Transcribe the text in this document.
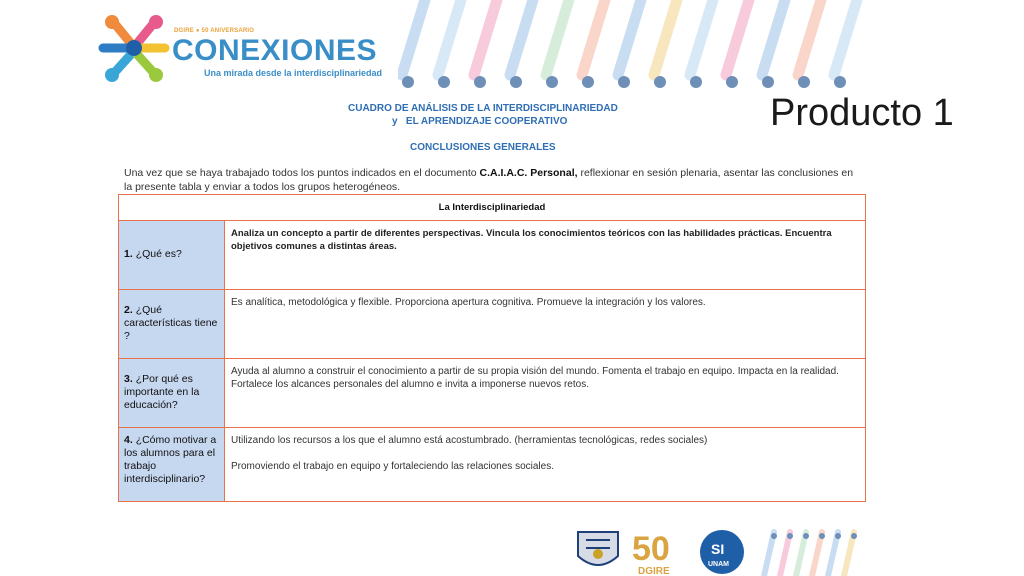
DGIRE ● 50 ANIVERSARIO
CONEXIONES
Una mirada desde la interdisciplinariedad
Producto 1
CUADRO DE ANÁLISIS DE LA INTERDISCIPLINARIEDAD
y   EL APRENDIZAJE COOPERATIVO
CONCLUSIONES GENERALES
Una vez que se haya trabajado todos los puntos indicados en el documento C.A.I.A.C. Personal, reflexionar en sesión plenaria, asentar las conclusiones en la presente tabla y enviar a todos los grupos heterogéneos.
La Interdisciplinariedad
1. ¿Qué es?
Analiza un concepto a partir de diferentes perspectivas. Vincula los conocimientos teóricos con las habilidades prácticas. Encuentra objetivos comunes a distintas áreas.
2. ¿Qué características tiene ?
Es analítica, metodológica y flexible. Proporciona apertura cognitiva. Promueve la integración y los valores.
3. ¿Por qué es importante en la educación?
Ayuda al alumno a construir el conocimiento a partir de su propia visión del mundo. Fomenta el trabajo en equipo. Impacta en la realidad. Fortalece los alcances personales del alumno e invita a imponerse nuevos retos.
4. ¿Cómo motivar a los alumnos para el trabajo interdisciplinario?
Utilizando los recursos a los que el alumno está acostumbrado. (herramientas tecnológicas, redes sociales)
Promoviendo el trabajo en equipo y fortaleciendo las relaciones sociales.
50
DGIRE
SI
UNAM
